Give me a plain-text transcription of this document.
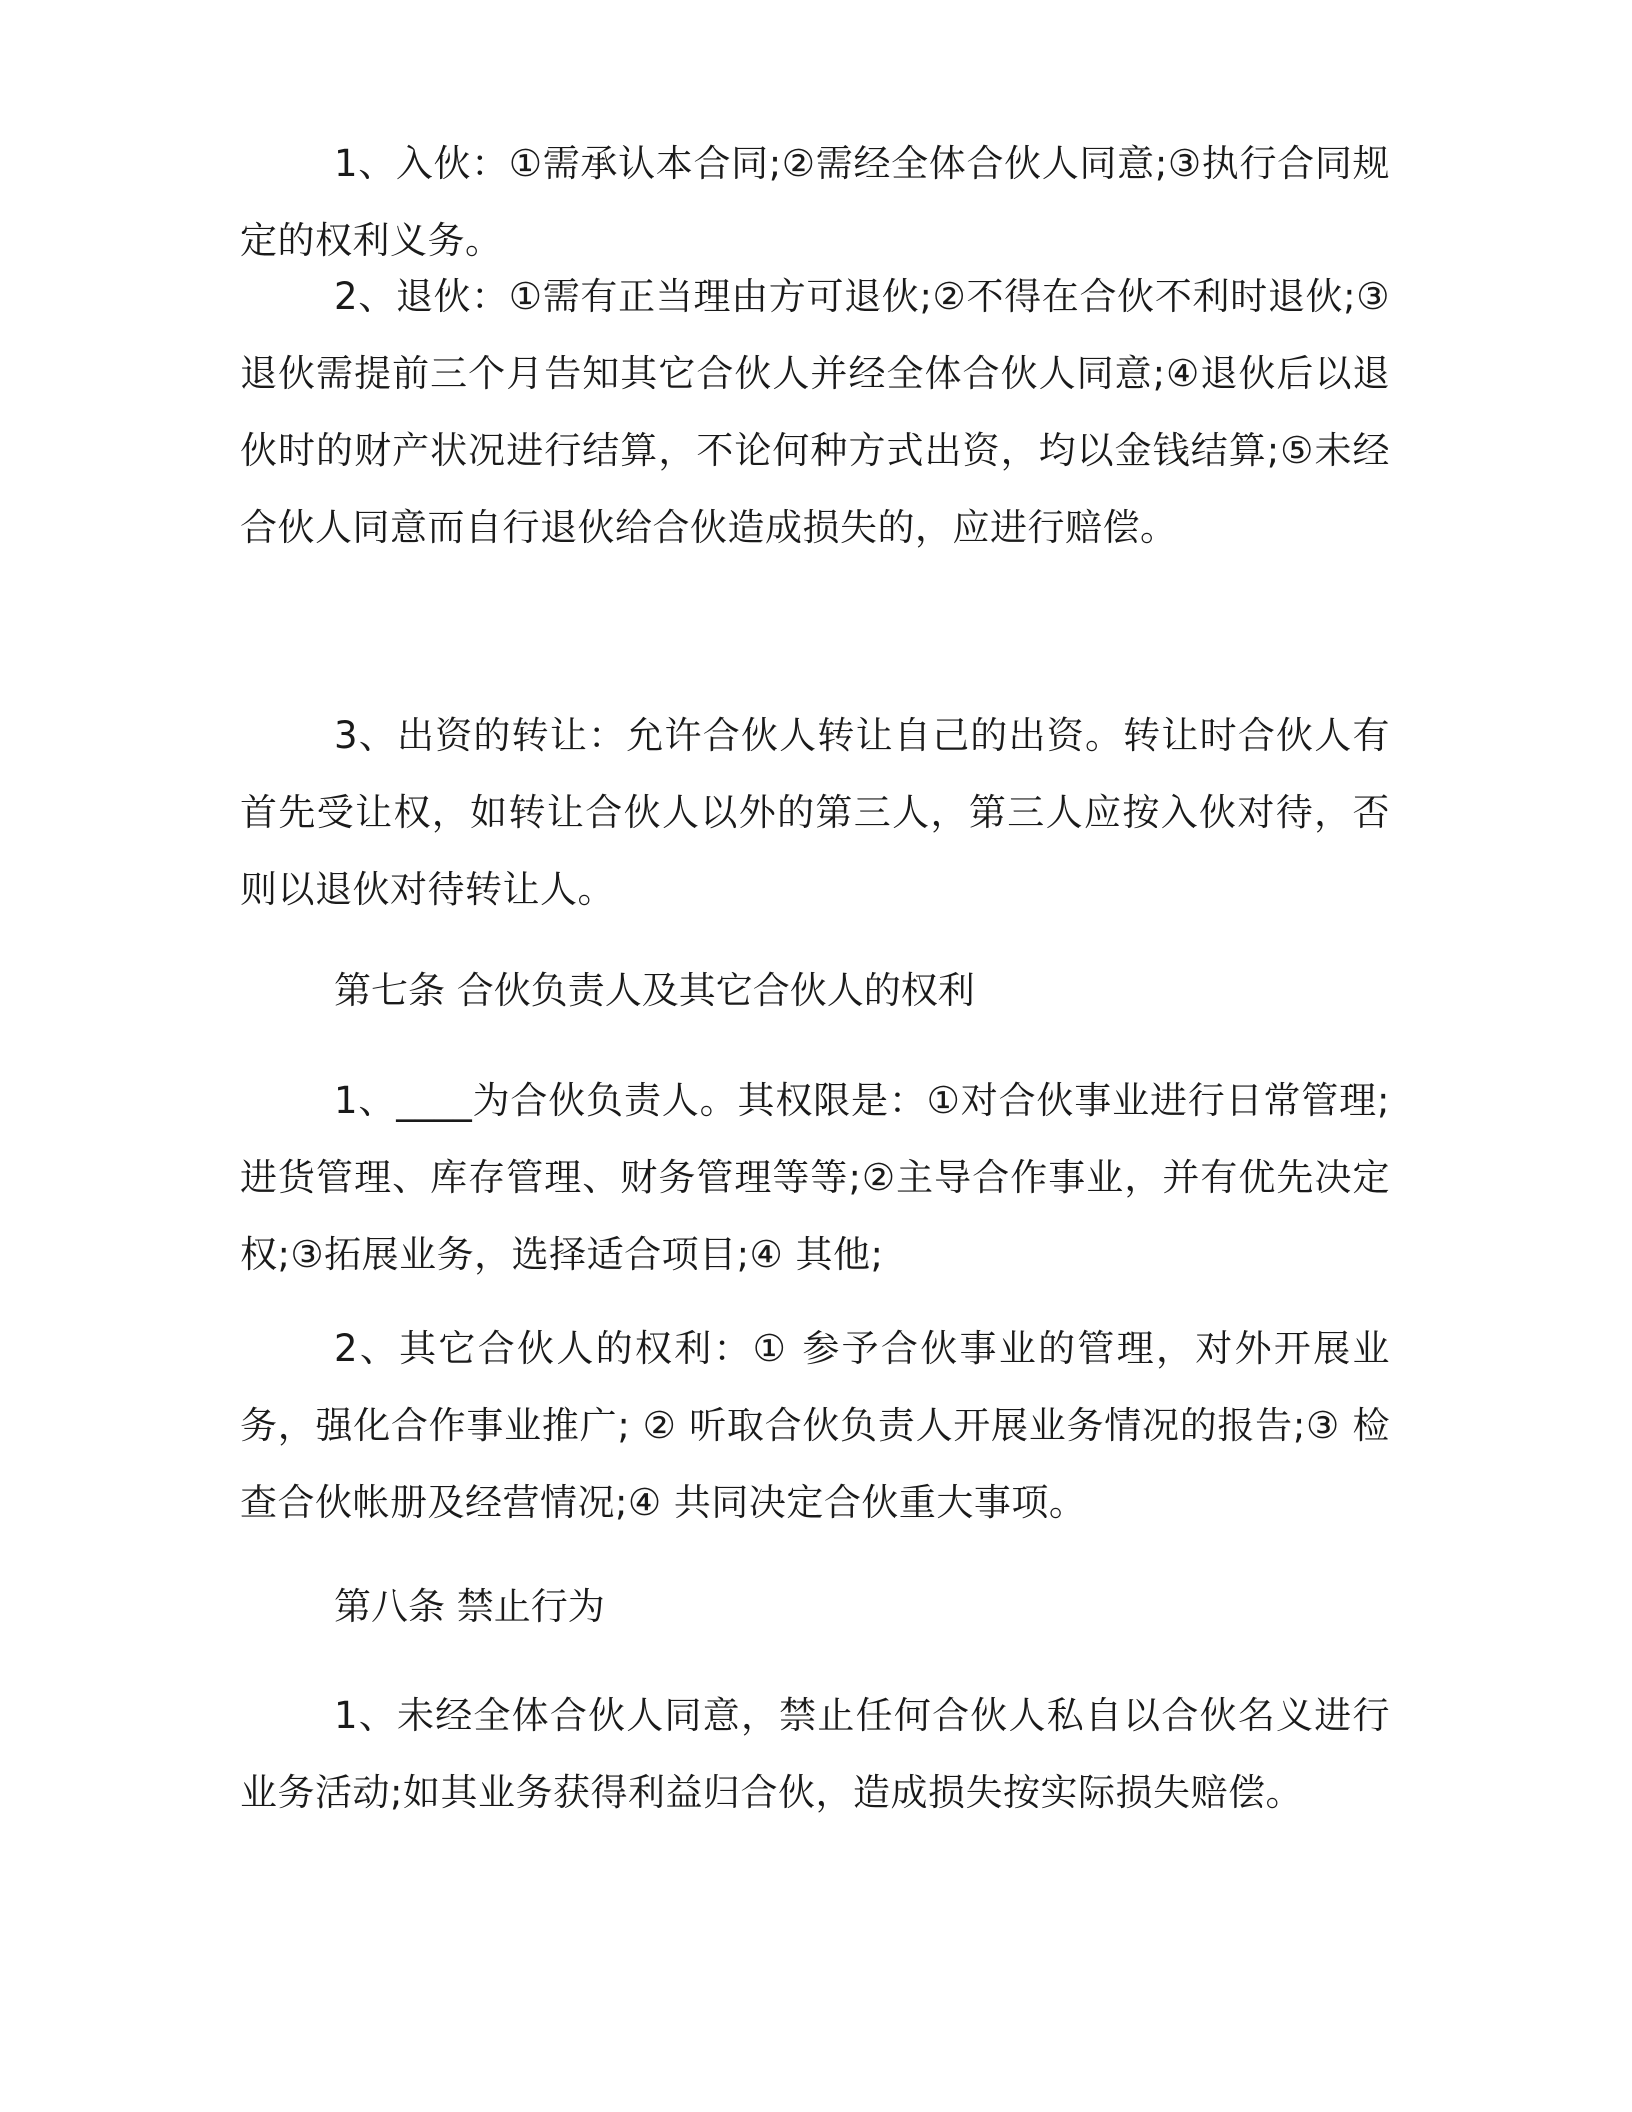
1、入伙：①需承认本合同;②需经全体合伙人同意;③执行合同规定的权利义务。

2、退伙：①需有正当理由方可退伙;②不得在合伙不利时退伙;③退伙需提前三个月告知其它合伙人并经全体合伙人同意;④退伙后以退伙时的财产状况进行结算，不论何种方式出资，均以金钱结算;⑤未经合伙人同意而自行退伙给合伙造成损失的，应进行赔偿。

3、出资的转让：允许合伙人转让自己的出资。转让时合伙人有首先受让权，如转让合伙人以外的第三人，第三人应按入伙对待，否则以退伙对待转让人。

第七条 合伙负责人及其它合伙人的权利

1、____为合伙负责人。其权限是：①对合伙事业进行日常管理;进货管理、库存管理、财务管理等等;②主导合作事业，并有优先决定权;③拓展业务，选择适合项目;④ 其他;

2、其它合伙人的权利：① 参予合伙事业的管理，对外开展业务，强化合作事业推广; ② 听取合伙负责人开展业务情况的报告;③ 检查合伙帐册及经营情况;④ 共同决定合伙重大事项。

第八条 禁止行为

1、未经全体合伙人同意，禁止任何合伙人私自以合伙名义进行业务活动;如其业务获得利益归合伙，造成损失按实际损失赔偿。
